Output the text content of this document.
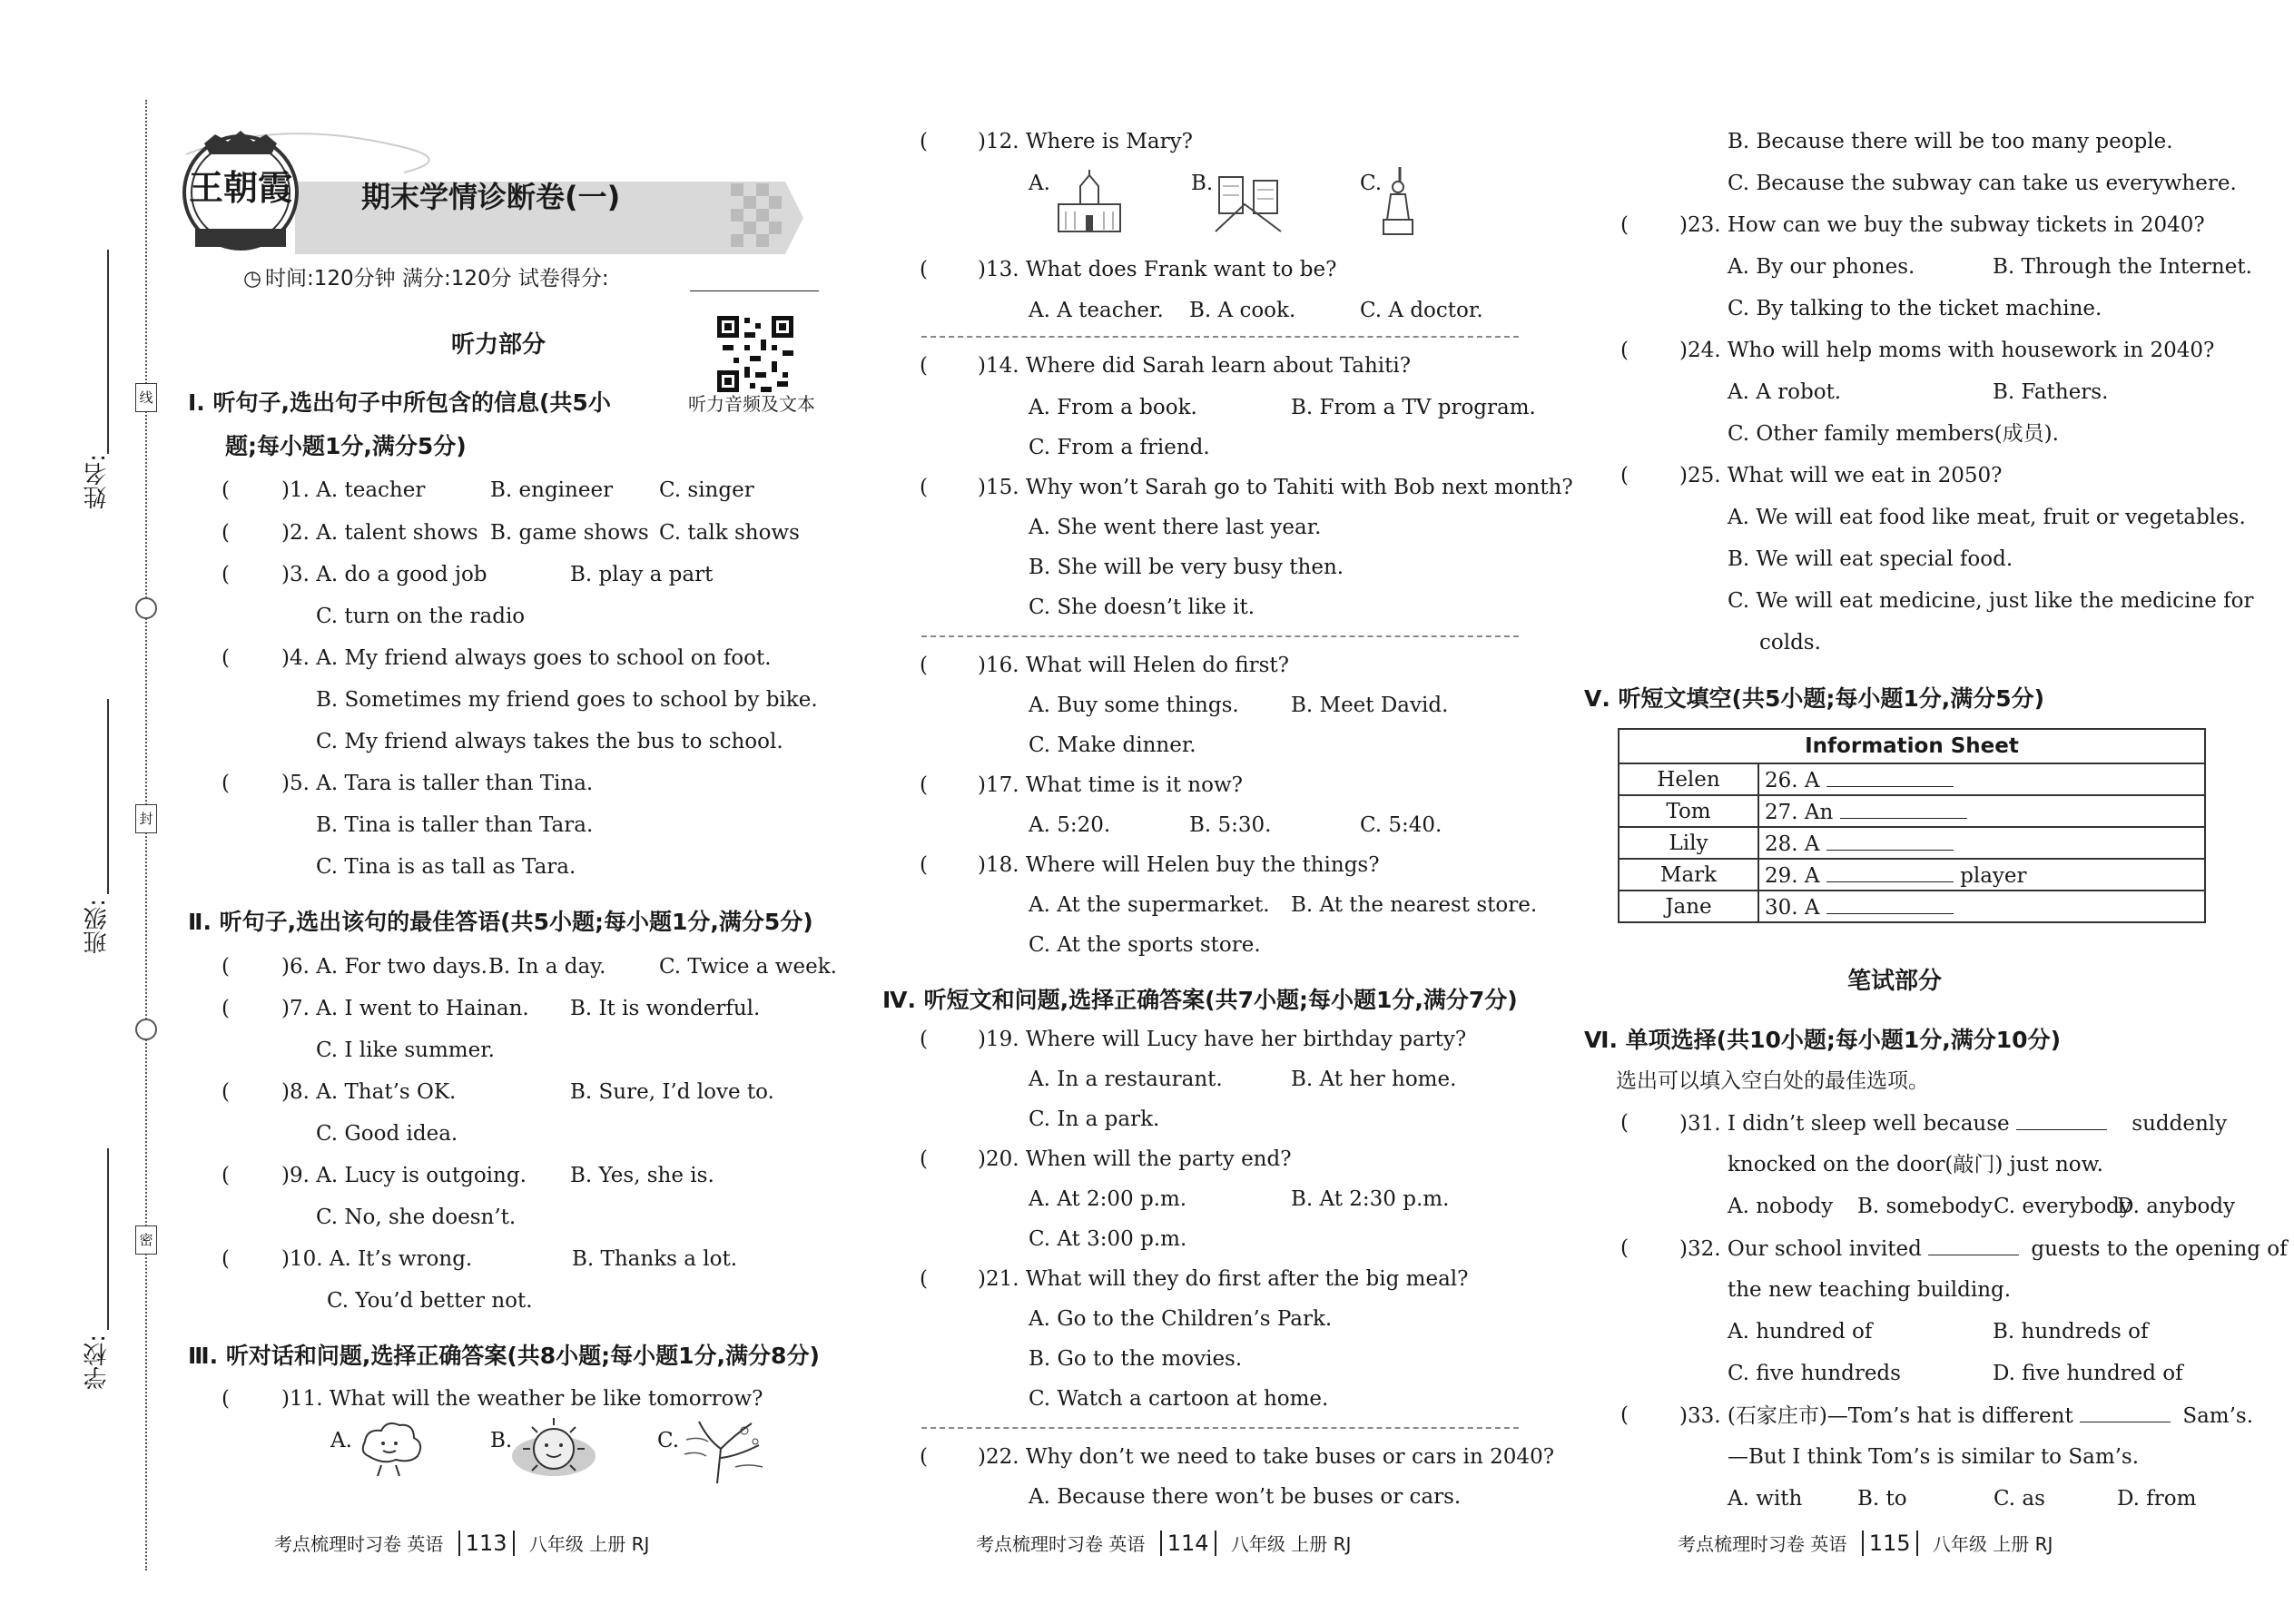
姓名:
班级:
学校:
线
封
密
王朝霞 期末学情诊断卷(一)
◷ 时间:120分钟 满分:120分 试卷得分:
听力音频及文本
听力部分
Ⅰ. 听句子,选出句子中所包含的信息(共5小
题;每小题1分,满分5分)
( )1. A. teacher	B. engineer C. singer
( )2. A. talent shows B. game shows C. talk shows
( )3. A. do a good job	B. play a part
C. turn on the radio
( )4. A. My friend always goes to school on foot.
B. Sometimes my friend goes to school by bike.
C. My friend always takes the bus to school.
( )5. A. Tara is taller than Tina.
B. Tina is taller than Tara.
C. Tina is as tall as Tara.
Ⅱ. 听句子,选出该句的最佳答语(共5小题;每小题1分,满分5分)
( )6. A. For two days. B. In a day.	C. Twice a week.
( )7. A. I went to Hainan. B. It is wonderful.
C. I like summer.
( )8. A. That’s OK.	B. Sure, I’d love to.
C. Good idea.
( )9. A. Lucy is outgoing. B. Yes, she is.
C. No, she doesn’t.
( )10. A. It’s wrong.	B. Thanks a lot.
C. You’d better not.
Ⅲ. 听对话和问题,选择正确答案(共8小题;每小题1分,满分8分)
( )11. What will the weather be like tomorrow?
A.	B.	C.
考点梳理时习卷 英语 113 八年级 上册 RJ
( )12. Where is Mary?
A.	B.	C.
( )13. What does Frank want to be?
A. A teacher. B. A cook.	C. A doctor.
( )14. Where did Sarah learn about Tahiti?
A. From a book.	B. From a TV program.
C. From a friend.
( )15. Why won’t Sarah go to Tahiti with Bob next month?
A. She went there last year.
B. She will be very busy then.
C. She doesn’t like it.
( )16. What will Helen do first?
A. Buy some things. B. Meet David.
C. Make dinner.
( )17. What time is it now?
A. 5:20.	B. 5:30.	C. 5:40.
( )18. Where will Helen buy the things?
A. At the supermarket. B. At the nearest store.
C. At the sports store.
Ⅳ. 听短文和问题,选择正确答案(共7小题;每小题1分,满分7分)
( )19. Where will Lucy have her birthday party?
A. In a restaurant.	B. At her home.
C. In a park.
( )20. When will the party end?
A. At 2:00 p.m.	B. At 2:30 p.m.
C. At 3:00 p.m.
( )21. What will they do first after the big meal?
A. Go to the Children’s Park.
B. Go to the movies.
C. Watch a cartoon at home.
( )22. Why don’t we need to take buses or cars in 2040?
A. Because there won’t be buses or cars.
考点梳理时习卷 英语 114 八年级 上册 RJ
B. Because there will be too many people.
C. Because the subway can take us everywhere.
( )23. How can we buy the subway tickets in 2040?
A. By our phones.	B. Through the Internet.
C. By talking to the ticket machine.
( )24. Who will help moms with housework in 2040?
A. A robot.	B. Fathers.
C. Other family members(成员).
( )25. What will we eat in 2050?
A. We will eat food like meat, fruit or vegetables.
B. We will eat special food.
C. We will eat medicine, just like the medicine for
colds.
Ⅴ. 听短文填空(共5小题;每小题1分,满分5分)
Information Sheet	
Helen	26. A
Tom	27. An
Lily	28. A
Mark	29. A player
Jane	30. A
笔试部分
Ⅵ. 单项选择(共10小题;每小题1分,满分10分)
选出可以填入空白处的最佳选项。
( )31. I didn’t sleep well because	suddenly
knocked on the door(敲门) just now.
A. nobody B. somebody C. everybody
D. anybody
( )32. Our school invited	guests to the opening of
the new teaching building.
A. hundred of	B. hundreds of
C. five hundreds	D. five hundred of
( )33. (石家庄市)—Tom’s hat is different	Sam’s.
—But I think Tom’s is similar to Sam’s.
A. with	B. to	C. as	D. from
考点梳理时习卷 英语 115 八年级 上册 RJ
